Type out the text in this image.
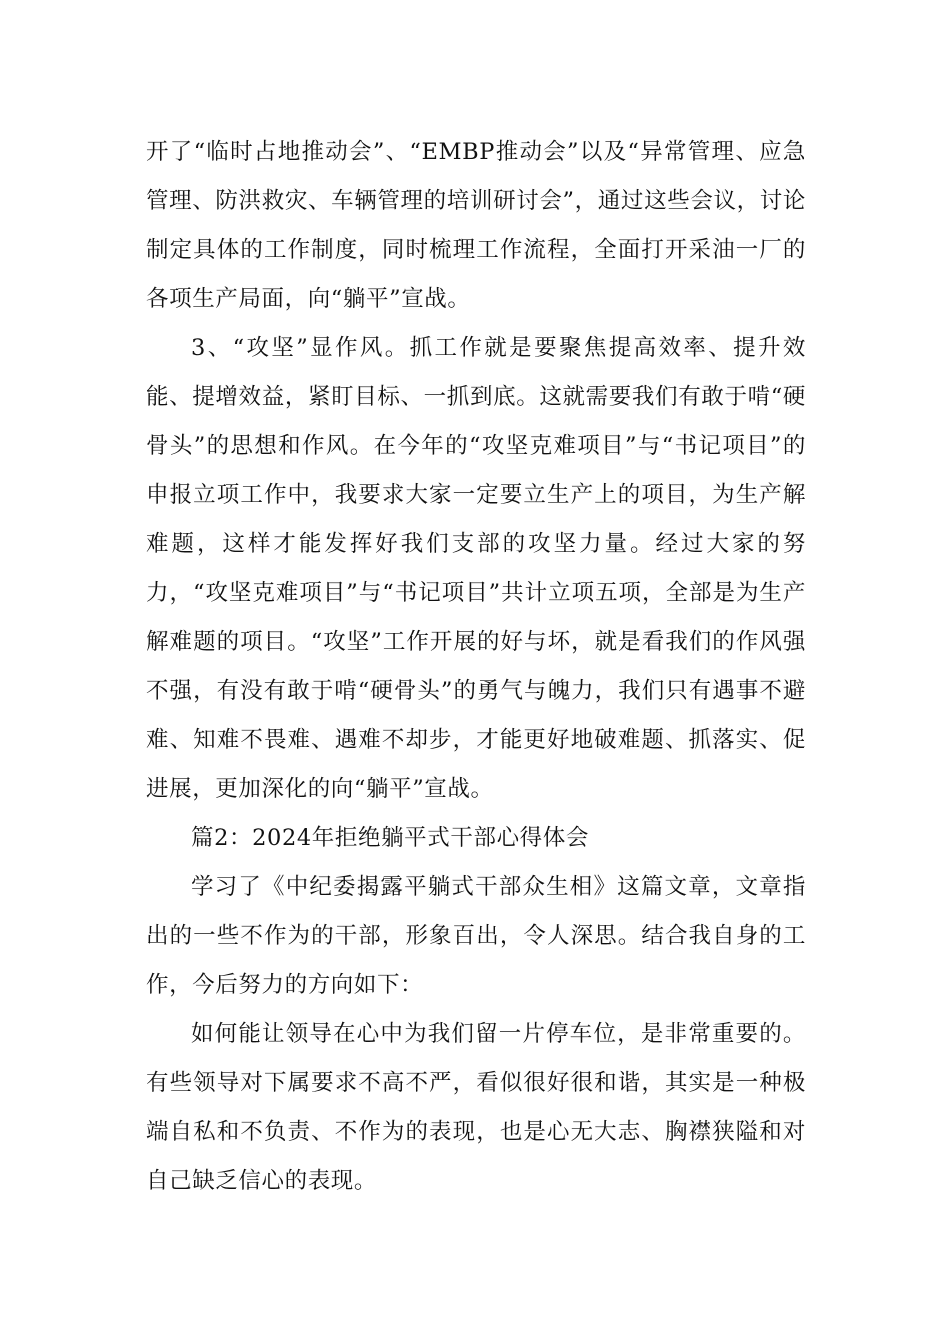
开了“临时占地推动会”、“EMBP推动会”以及“异常管理、应急管理、防洪救灾、车辆管理的培训研讨会”，通过这些会议，讨论制定具体的工作制度，同时梳理工作流程，全面打开采油一厂的各项生产局面，向“躺平”宣战。

3、“攻坚”显作风。抓工作就是要聚焦提高效率、提升效能、提增效益，紧盯目标、一抓到底。这就需要我们有敢于啃“硬骨头”的思想和作风。在今年的“攻坚克难项目”与“书记项目”的申报立项工作中，我要求大家一定要立生产上的项目，为生产解难题，这样才能发挥好我们支部的攻坚力量。经过大家的努力，“攻坚克难项目”与“书记项目”共计立项五项，全部是为生产解难题的项目。“攻坚”工作开展的好与坏，就是看我们的作风强不强，有没有敢于啃“硬骨头”的勇气与魄力，我们只有遇事不避难、知难不畏难、遇难不却步，才能更好地破难题、抓落实、促进展，更加深化的向“躺平”宣战。

篇2：2024年拒绝躺平式干部心得体会

学习了《中纪委揭露平躺式干部众生相》这篇文章，文章指出的一些不作为的干部，形象百出，令人深思。结合我自身的工作，今后努力的方向如下：

如何能让领导在心中为我们留一片停车位，是非常重要的。有些领导对下属要求不高不严，看似很好很和谐，其实是一种极端自私和不负责、不作为的表现，也是心无大志、胸襟狭隘和对自己缺乏信心的表现。
